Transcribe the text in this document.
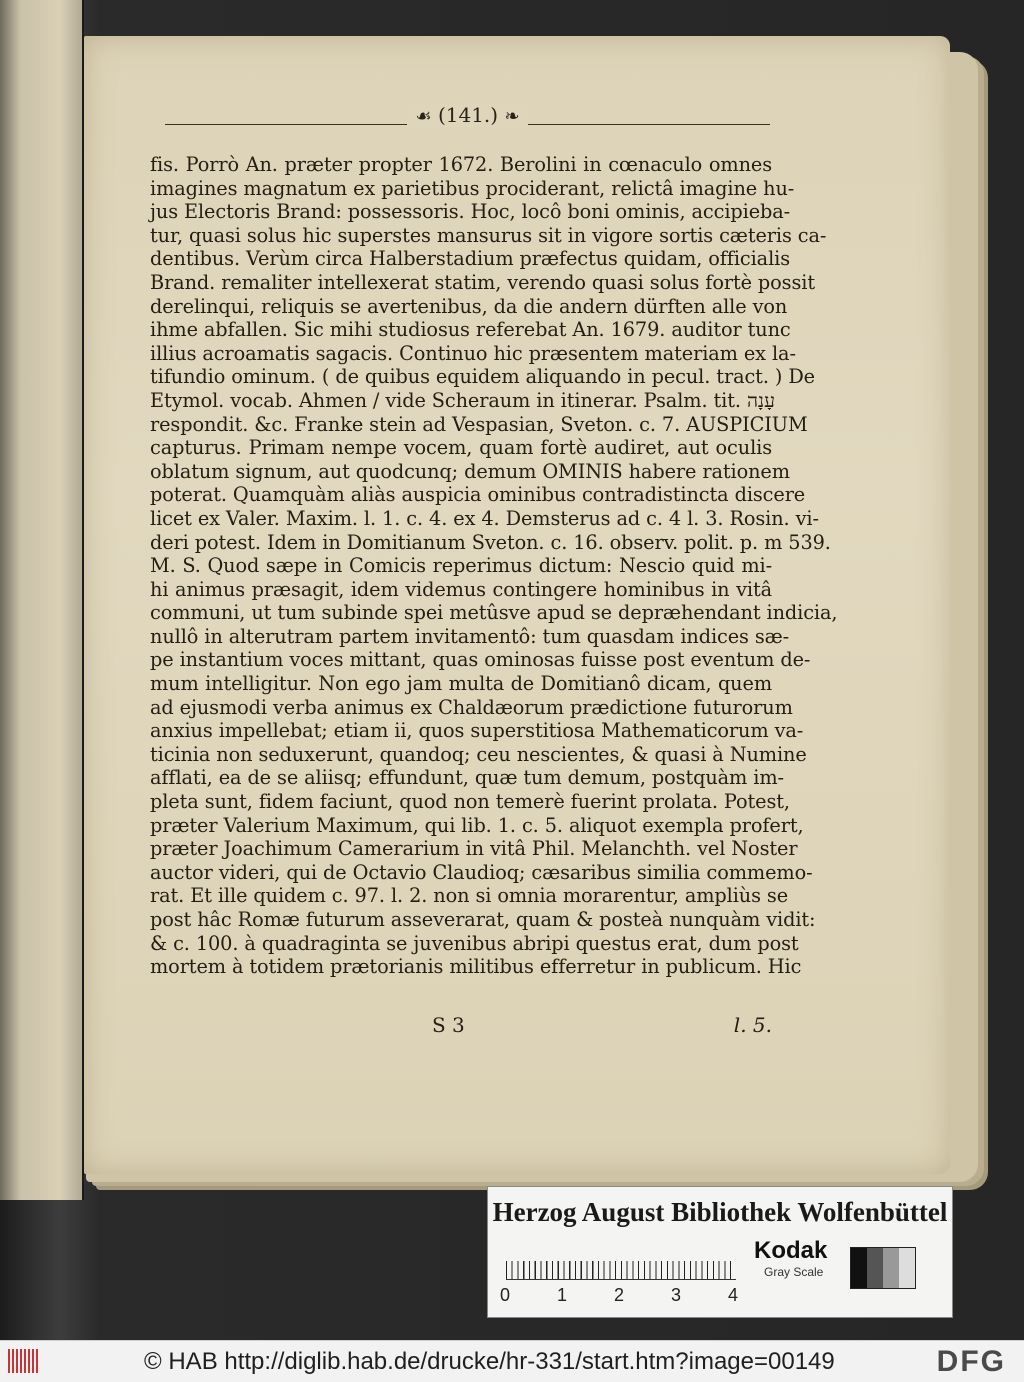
☙ (141.) ❧
fis. Porrò An. præter propter 1672. Berolini in cœnaculo omnes
imagines magnatum ex parietibus prociderant, relictâ imagine hu-
jus Electoris Brand: possessoris. Hoc, locô boni ominis, accipieba-
tur, quasi solus hic superstes mansurus sit in vigore sortis cæteris ca-
dentibus. Verùm circa Halberstadium præfectus quidam, officialis
Brand. remaliter intellexerat statim, verendo quasi solus fortè possit
derelinqui, reliquis se avertenibus, da die andern dürften alle von
ihme abfallen. Sic mihi studiosus referebat An. 1679. auditor tunc
illius acroamatis sagacis. Continuo hic præsentem materiam ex la-
tifundio ominum. ( de quibus equidem aliquando in pecul. tract. ) De
Etymol. vocab. Ahmen / vide Scheraum in itinerar. Psalm. tit. עָנָה
respondit. &c. Franke stein ad Vespasian, Sveton. c. 7. AUSPICIUM
capturus. Primam nempe vocem, quam fortè audiret, aut oculis
oblatum signum, aut quodcunq; demum OMINIS habere rationem
poterat. Quamquàm aliàs auspicia ominibus contradistincta discere
licet ex Valer. Maxim. l. 1. c. 4. ex 4. Demsterus ad c. 4 l. 3. Rosin. vi-
deri potest. Idem in Domitianum Sveton. c. 16. observ. polit. p. m 539.
M. S. Quod sæpe in Comicis reperimus dictum: Nescio quid mi-
hi animus præsagit, idem videmus contingere hominibus in vitâ
communi, ut tum subinde spei metûsve apud se depræhendant indicia,
nullô in alterutram partem invitamentô: tum quasdam indices sæ-
pe instantium voces mittant, quas ominosas fuisse post eventum de-
mum intelligitur. Non ego jam multa de Domitianô dicam, quem
ad ejusmodi verba animus ex Chaldæorum prædictione futurorum
anxius impellebat; etiam ii, quos superstitiosa Mathematicorum va-
ticinia non seduxerunt, quandoq; ceu nescientes, & quasi à Numine
afflati, ea de se aliisq; effundunt, quæ tum demum, postquàm im-
pleta sunt, fidem faciunt, quod non temerè fuerint prolata. Potest,
præter Valerium Maximum, qui lib. 1. c. 5. aliquot exempla profert,
præter Joachimum Camerarium in vitâ Phil. Melanchth. vel Noster
auctor videri, qui de Octavio Claudioq; cæsaribus similia commemo-
rat. Et ille quidem c. 97. l. 2. non si omnia morarentur, ampliùs se
post hâc Romæ futurum asseverarat, quam & posteà nunquàm vidit:
& c. 100. à quadraginta se juvenibus abripi questus erat, dum post
mortem à totidem prætorianis militibus efferretur in publicum. Hic
S 3	l. 5.
Herzog August Bibliothek Wolfenbüttel
0	1	2	3	4
Kodak
Gray Scale
© HAB http://diglib.hab.de/drucke/hr-331/start.htm?image=00149	DFG
